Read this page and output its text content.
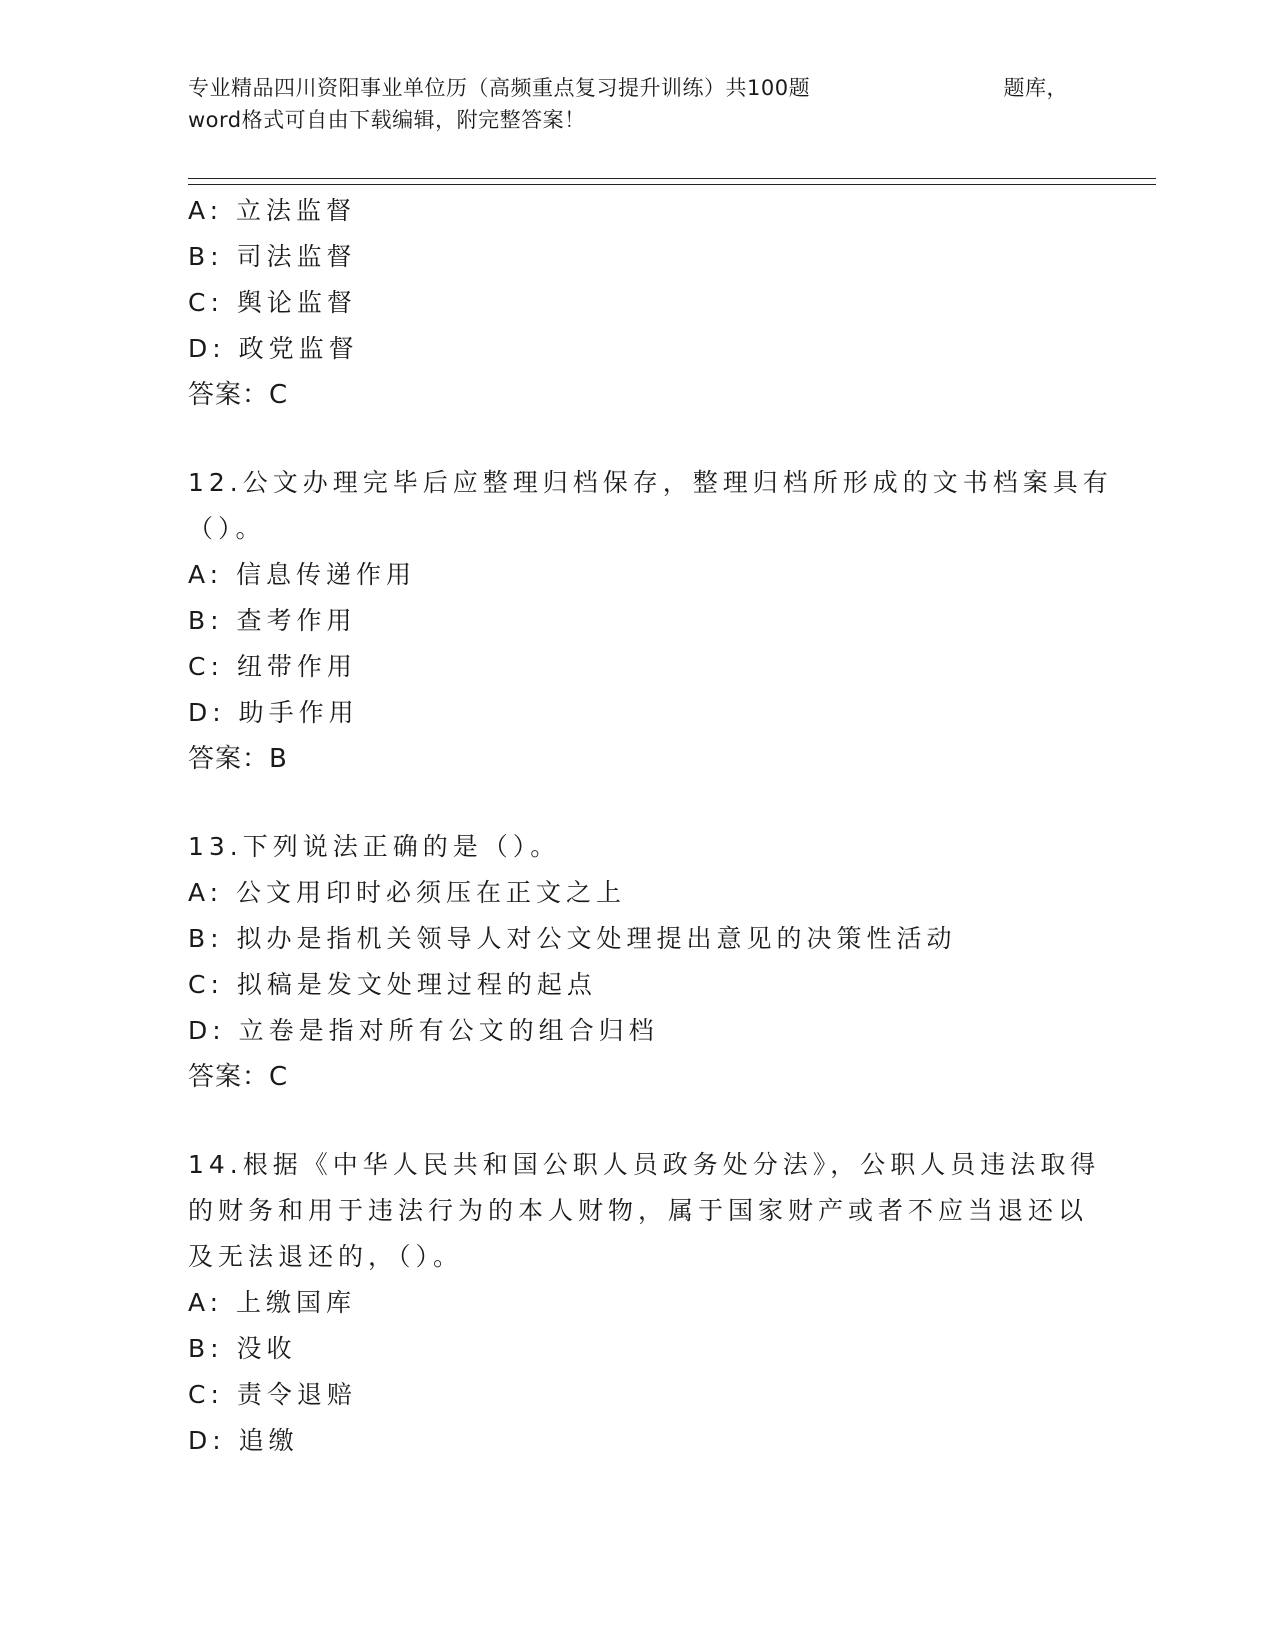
专业精品四川资阳事业单位历（高频重点复习提升训练）共100题	题库，
word格式可自由下载编辑，附完整答案！
A: 立法监督
B: 司法监督
C: 舆论监督
D: 政党监督
答案：C
12.公文办理完毕后应整理归档保存，整理归档所形成的文书档案具有
（）。
A: 信息传递作用
B: 查考作用
C: 纽带作用
D: 助手作用
答案：B
13.下列说法正确的是（）。
A: 公文用印时必须压在正文之上
B: 拟办是指机关领导人对公文处理提出意见的决策性活动
C: 拟稿是发文处理过程的起点
D: 立卷是指对所有公文的组合归档
答案：C
14.根据《中华人民共和国公职人员政务处分法》，公职人员违法取得
的财务和用于违法行为的本人财物，属于国家财产或者不应当退还以
及无法退还的，（）。
A: 上缴国库
B: 没收
C: 责令退赔
D: 追缴
